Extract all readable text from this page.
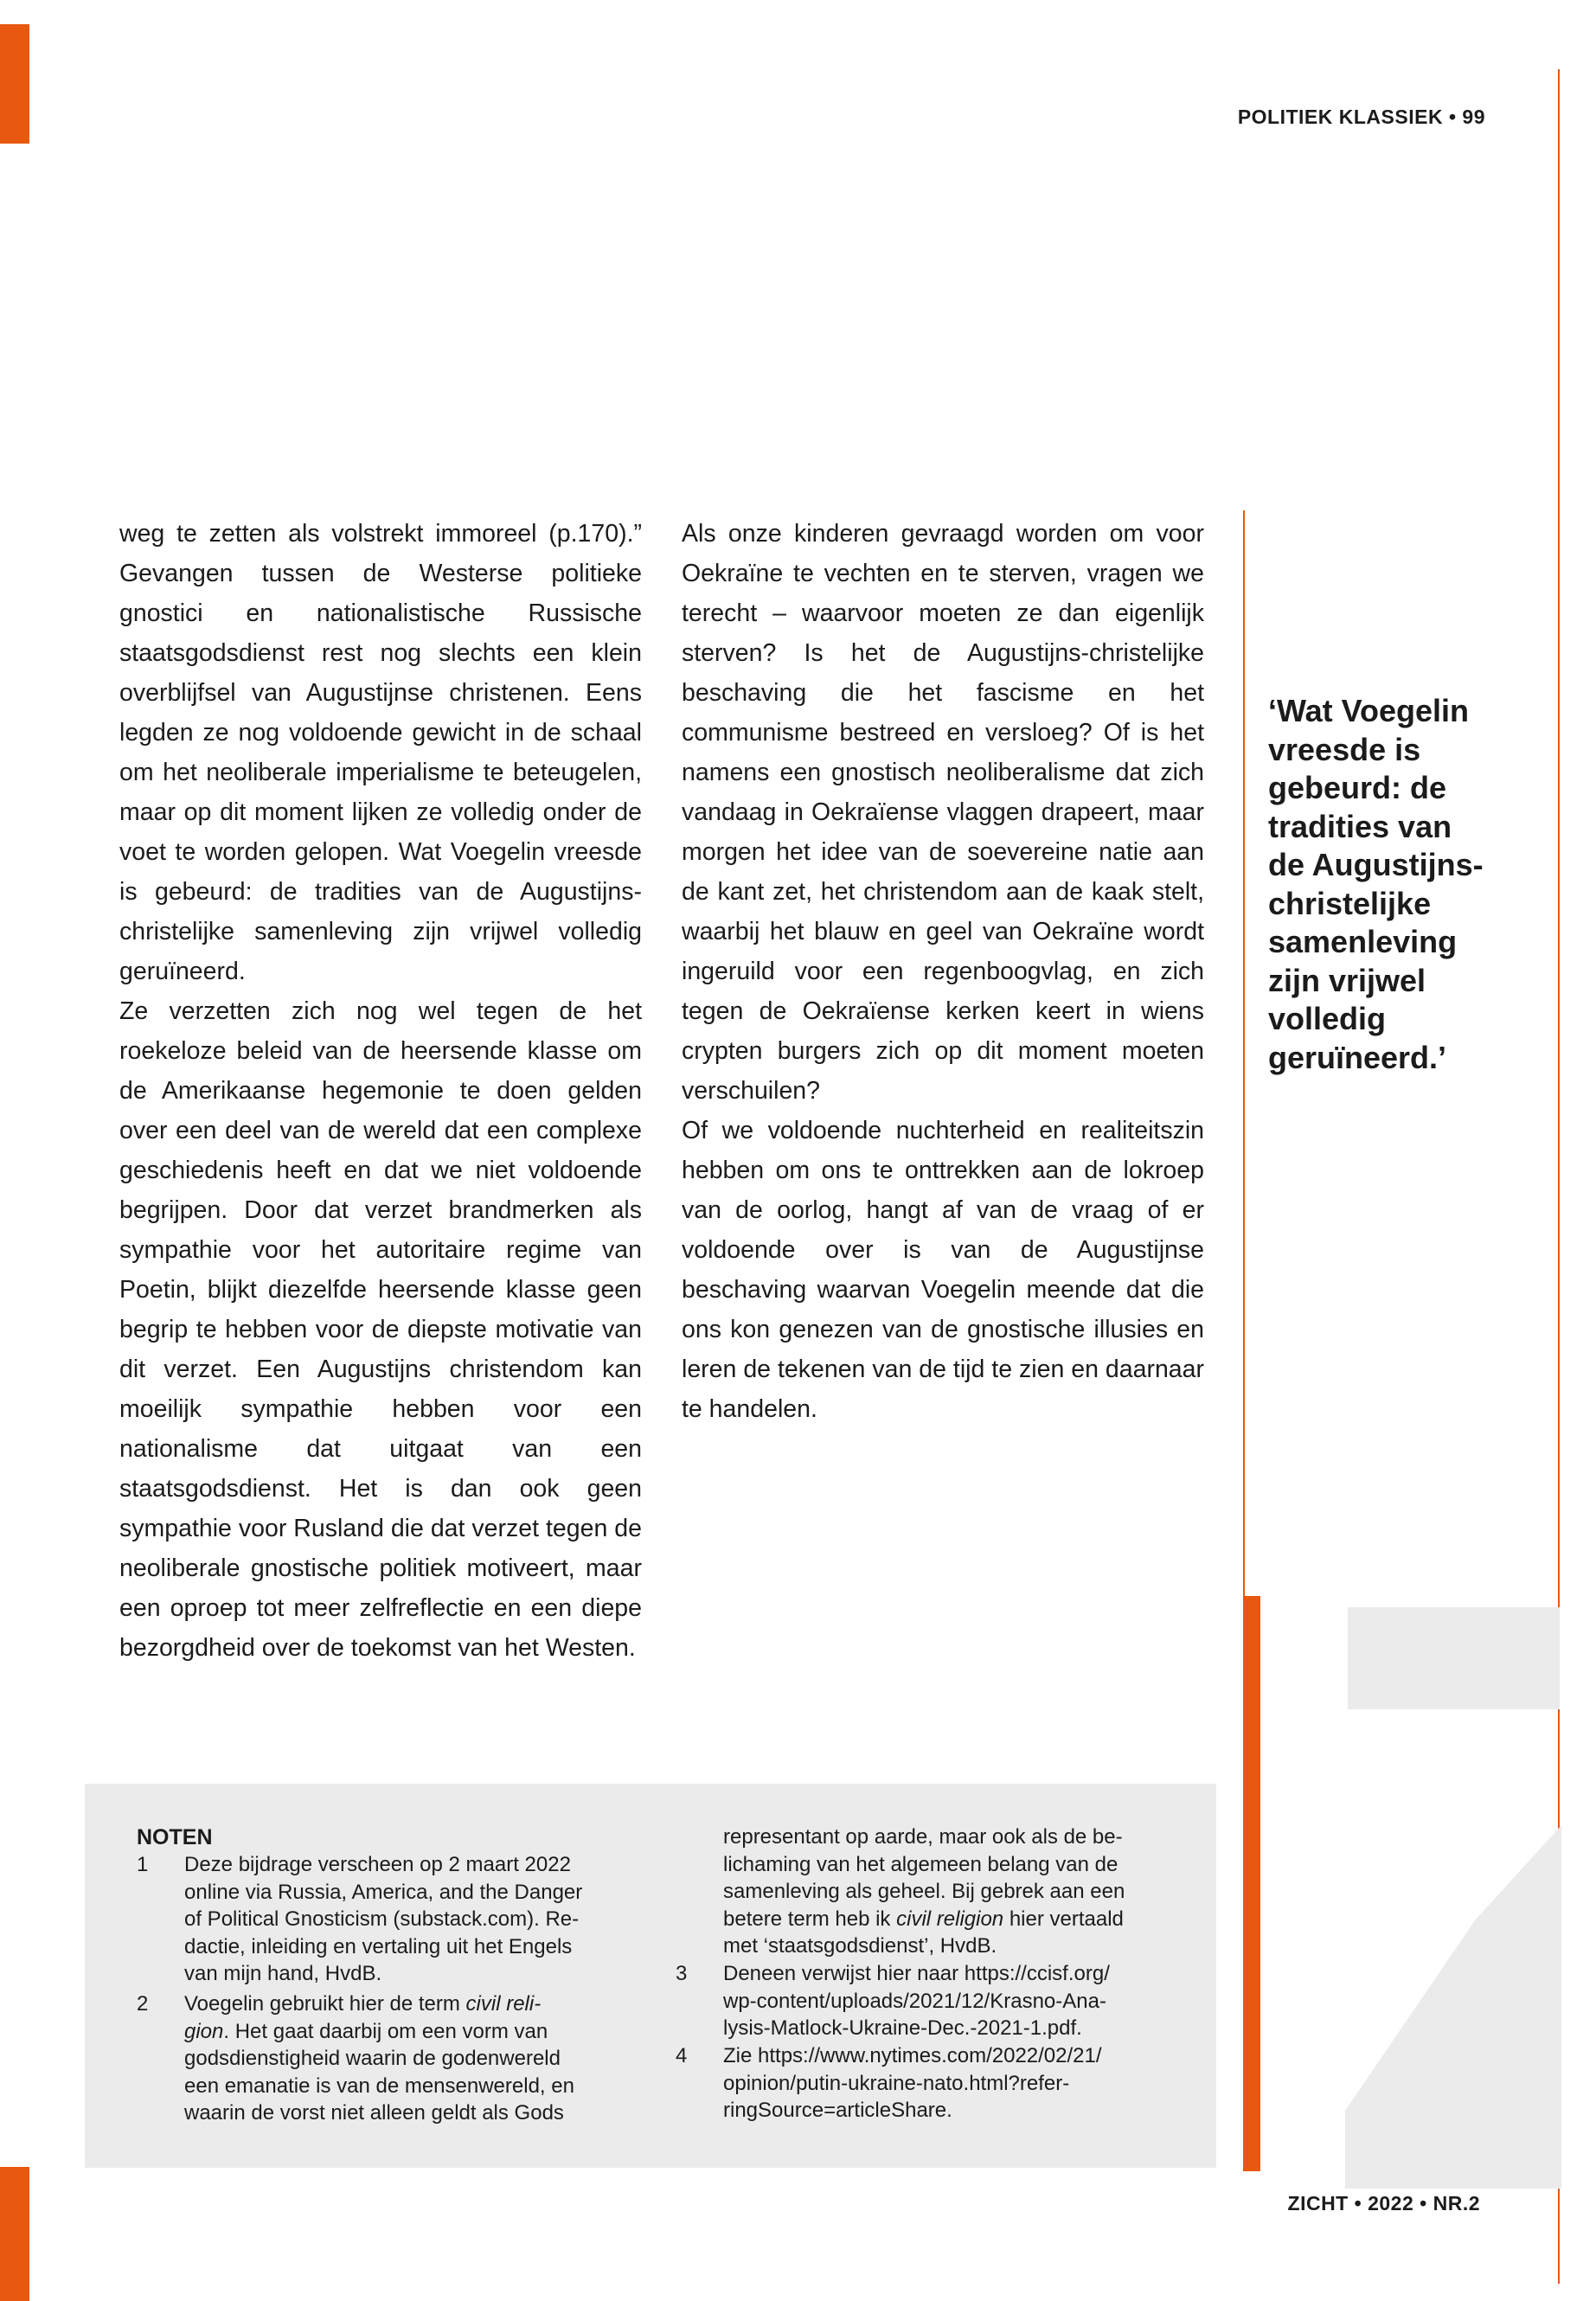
POLITIEK KLASSIEK • 99

weg te zetten als volstrekt immoreel (p.170).” Gevangen tussen de Westerse politieke gnostici en nationalistische Russische staatsgodsdienst rest nog slechts een klein overblijfsel van Augustijnse christenen. Eens legden ze nog voldoende gewicht in de schaal om het neoliberale imperialisme te beteugelen, maar op dit moment lijken ze volledig onder de voet te worden gelopen. Wat Voegelin vreesde is gebeurd: de tradities van de Augustijns-christelijke samenleving zijn vrijwel volledig geruïneerd.

Ze verzetten zich nog wel tegen de het roekeloze beleid van de heersende klasse om de Amerikaanse hegemonie te doen gelden over een deel van de wereld dat een complexe geschiedenis heeft en dat we niet voldoende begrijpen. Door dat verzet brandmerken als sympathie voor het autoritaire regime van Poetin, blijkt diezelfde heersende klasse geen begrip te hebben voor de diepste motivatie van dit verzet. Een Augustijns christendom kan moeilijk sympathie hebben voor een nationalisme dat uitgaat van een staatsgodsdienst. Het is dan ook geen sympathie voor Rusland die dat verzet tegen de neoliberale gnostische politiek motiveert, maar een oproep tot meer zelfreflectie en een diepe bezorgdheid over de toekomst van het Westen.

Als onze kinderen gevraagd worden om voor Oekraïne te vechten en te sterven, vragen we terecht – waarvoor moeten ze dan eigenlijk sterven? Is het de Augustijns-christelijke beschaving die het fascisme en het communisme bestreed en versloeg? Of is het namens een gnostisch neoliberalisme dat zich vandaag in Oekraïense vlaggen drapeert, maar morgen het idee van de soevereine natie aan de kant zet, het christendom aan de kaak stelt, waarbij het blauw en geel van Oekraïne wordt ingeruild voor een regenboogvlag, en zich tegen de Oekraïense kerken keert in wiens crypten burgers zich op dit moment moeten verschuilen?

Of we voldoende nuchterheid en realiteitszin hebben om ons te onttrekken aan de lokroep van de oorlog, hangt af van de vraag of er voldoende over is van de Augustijnse beschaving waarvan Voegelin meende dat die ons kon genezen van de gnostische illusies en leren de tekenen van de tijd te zien en daarnaar te handelen.

‘Wat Voegelin
vreesde is
gebeurd: de
tradities van
de Augustijns-
christelijke
samenleving
zijn vrijwel
volledig
geruïneerd.’
NOTEN
1 Deze bijdrage verscheen op 2 maart 2022
online via Russia, America, and the Danger
of Political Gnosticism (substack.com). Re-
dactie, inleiding en vertaling uit het Engels
van mijn hand, HvdB.
2 Voegelin gebruikt hier de term civil reli-
gion. Het gaat daarbij om een vorm van
godsdienstigheid waarin de godenwereld
een emanatie is van de mensenwereld, en
waarin de vorst niet alleen geldt als Gods
representant op aarde, maar ook als de be-
lichaming van het algemeen belang van de
samenleving als geheel. Bij gebrek aan een
betere term heb ik civil religion hier vertaald
met ‘staatsgodsdienst’, HvdB.
3 Deneen verwijst hier naar https://ccisf.org/
wp-content/uploads/2021/12/Krasno-Ana-
lysis-Matlock-Ukraine-Dec.-2021-1.pdf.
4 Zie https://www.nytimes.com/2022/02/21/
opinion/putin-ukraine-nato.html?refer-
ringSource=articleShare.
ZICHT • 2022 • NR.2
